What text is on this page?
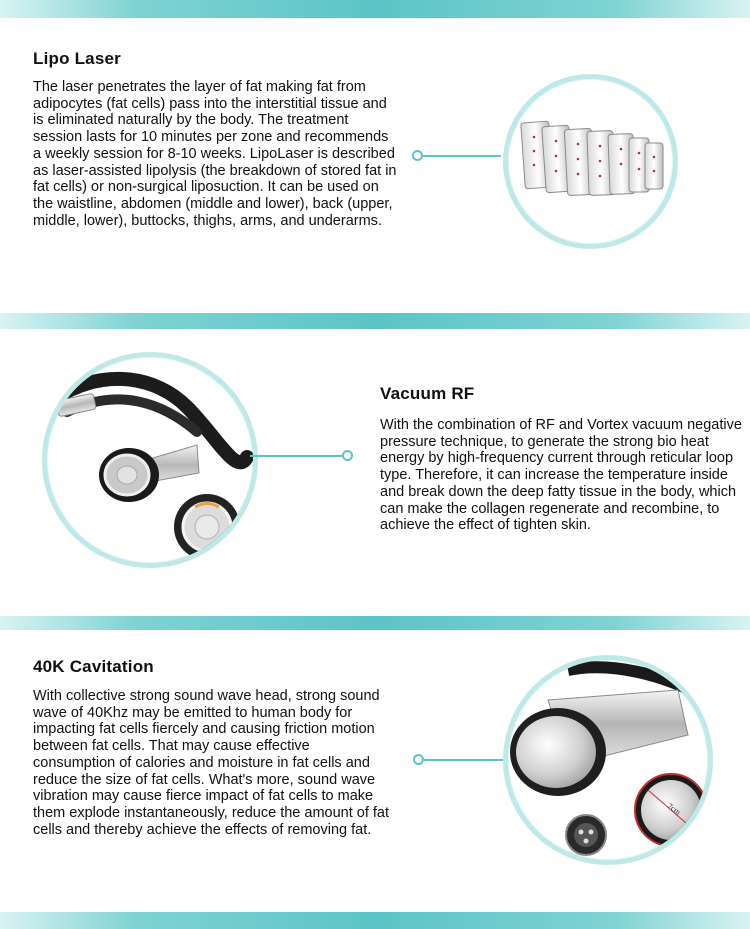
Lipo Laser

The laser penetrates the layer of fat making fat from adipocytes (fat cells) pass into the interstitial tissue and is eliminated naturally by the body. The treatment session lasts for 10 minutes per zone and recommends a weekly session for 8-10 weeks. LipoLaser is described as laser-assisted lipolysis (the breakdown of stored fat in fat cells) or non-surgical liposuction. It can be used on the waistline, abdomen (middle and lower), back (upper, middle, lower), buttocks, thighs, arms, and underarms.

Vacuum RF

With the combination of RF and Vortex vacuum negative pressure technique, to generate the strong bio heat energy by high-frequency current through reticular loop type. Therefore, it can increase the temperature inside and break down the deep fatty tissue in the body, which can make the collagen regenerate and recombine, to achieve the effect of tighten skin.

40K Cavitation

With collective strong sound wave head, strong sound wave of 40Khz may be emitted to human body for impacting fat cells fiercely and causing friction motion between fat cells. That may cause effective consumption of calories and moisture in fat cells and reduce the size of fat cells. What's more, sound wave vibration may cause fierce impact of fat cells to make them explode instantaneously, reduce the amount of fat cells and thereby achieve the effects of removing fat.

7cm
